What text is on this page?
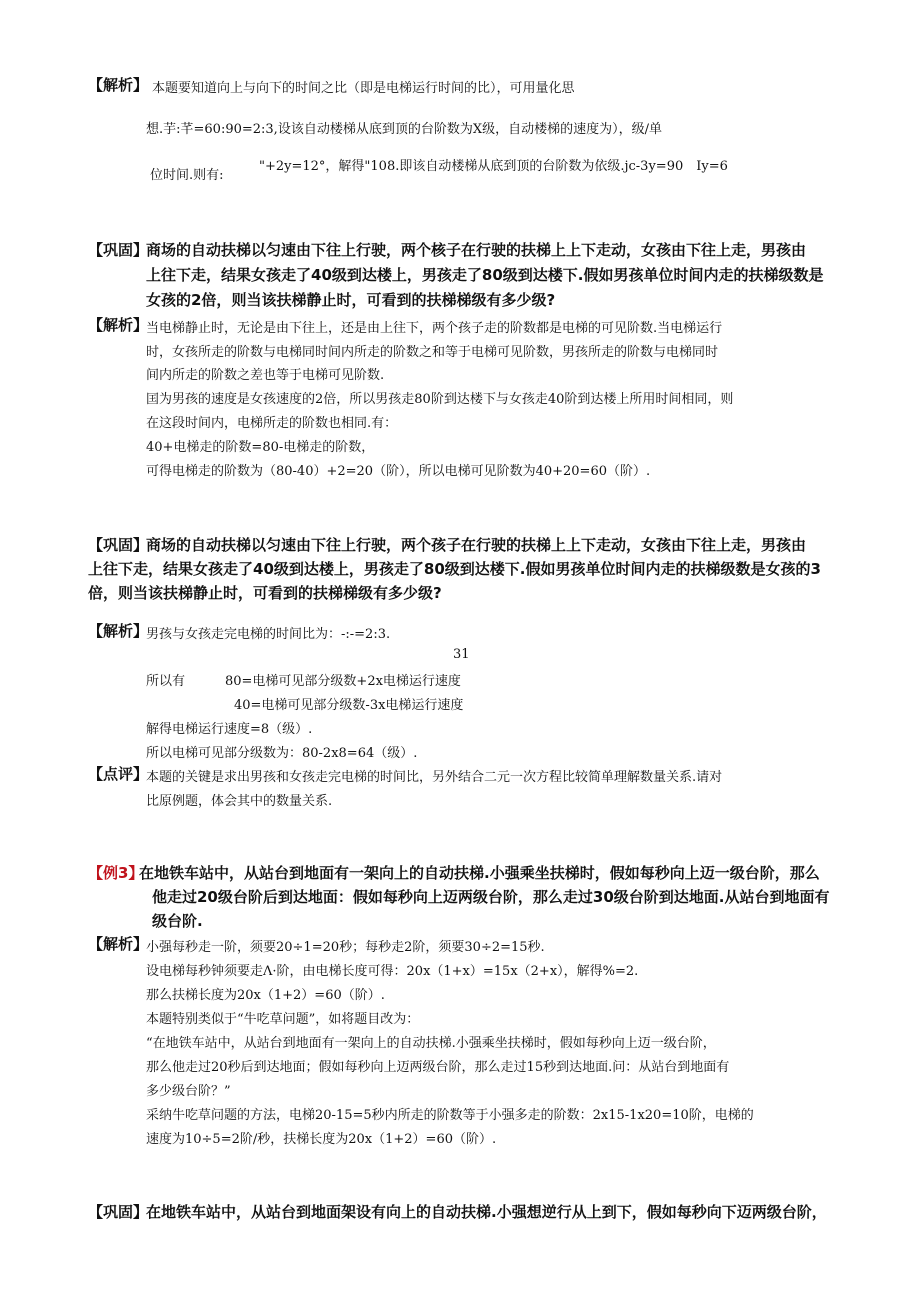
【解析】 本题要知道向上与向下的时间之比（即是电梯运行时间的比），可用量化思
想.芋:芊=60:90=2:3,设该自动楼梯从底到顶的台阶数为X级，自动楼梯的速度为），级/单
位时间.则有:
"+2y=12°，解得"108.即该自动楼梯从底到顶的台阶数为依级.jc-3y=90　Iy=6
【巩固】
商场的自动扶梯以匀速由下往上行驶，两个核子在行驶的扶梯上上下走动，女孩由下往上走，男孩由
上往下走，结果女孩走了40级到达楼上，男孩走了80级到达楼下.假如男孩单位时间内走的扶梯级数是
女孩的2倍，则当该扶梯静止时，可看到的扶梯梯级有多少级?
【解析】
当电梯静止时，无论是由下往上，还是由上往下，两个孩子走的阶数都是电梯的可见阶数.当电梯运行
时，女孩所走的阶数与电梯同时间内所走的阶数之和等于电梯可见阶数，男孩所走的阶数与电梯同时
间内所走的阶数之差也等于电梯可见阶数.
囯为男孩的速度是女孩速度的2倍，所以男孩走80阶到达楼下与女孩走40阶到达楼上所用时间相同，则
在这段时间内，电梯所走的阶数也相同.有：
40+电梯走的阶数=80-电梯走的阶数，
可得电梯走的阶数为（80-40）+2=20（阶），所以电梯可见阶数为40+20=60（阶）.
【巩固】
商场的自动扶梯以匀速由下往上行驶，两个孩子在行驶的扶梯上上下走动，女孩由下往上走，男孩由
上往下走，结果女孩走了40级到达楼上，男孩走了80级到达楼下.假如男孩单位时间内走的扶梯级数是女孩的3
倍，则当该扶梯静止时，可看到的扶梯梯级有多少级?
【解析】
男孩与女孩走完电梯的时间比为：-:-=2:3.
31
所以有	80=电梯可见部分级数+2x电梯运行速度
40=电梯可见部分级数-3x电梯运行速度
解得电梯运行速度=8（级）.
所以电梯可见部分级数为：80-2x8=64（级）.
【点评】
本题的关键是求出男孩和女孩走完电梯的时间比，另外结合二元一次方程比较简单理解数量关系.请对
比原例题，体会其中的数量关系.
【例3】
在地铁车站中，从站台到地面有一架向上的自动扶梯.小强乘坐扶梯时，假如每秒向上迈一级台阶，那么
他走过20级台阶后到达地面：假如每秒向上迈两级台阶，那么走过30级台阶到达地面.从站台到地面有
级台阶.
【解析】
小强每秒走一阶，须要20÷1=20秒；每秒走2阶，须要30÷2=15秒.
设电梯每秒钟须要走Λ·阶，由电梯长度可得：20x（1+x）=15x（2+x），解得%=2.
那么扶梯长度为20x（1+2）=60（阶）.
本题特别类似于“牛吃草问题”，如将题目改为：
“在地铁车站中，从站台到地面有一架向上的自动扶梯.小强乘坐扶梯时，假如每秒向上迈一级台阶，
那么他走过20秒后到达地面；假如每秒向上迈两级台阶，那么走过15秒到达地面.问：从站台到地面有
多少级台阶？”
采纳牛吃草问题的方法，电梯20-15=5秒内所走的阶数等于小强多走的阶数：2x15-1x20=10阶，电梯的
速度为10÷5=2阶/秒，扶梯长度为20x（1+2）=60（阶）.
【巩固】
在地铁车站中，从站台到地面架设有向上的自动扶梯.小强想逆行从上到下，假如每秒向下迈两级台阶，
